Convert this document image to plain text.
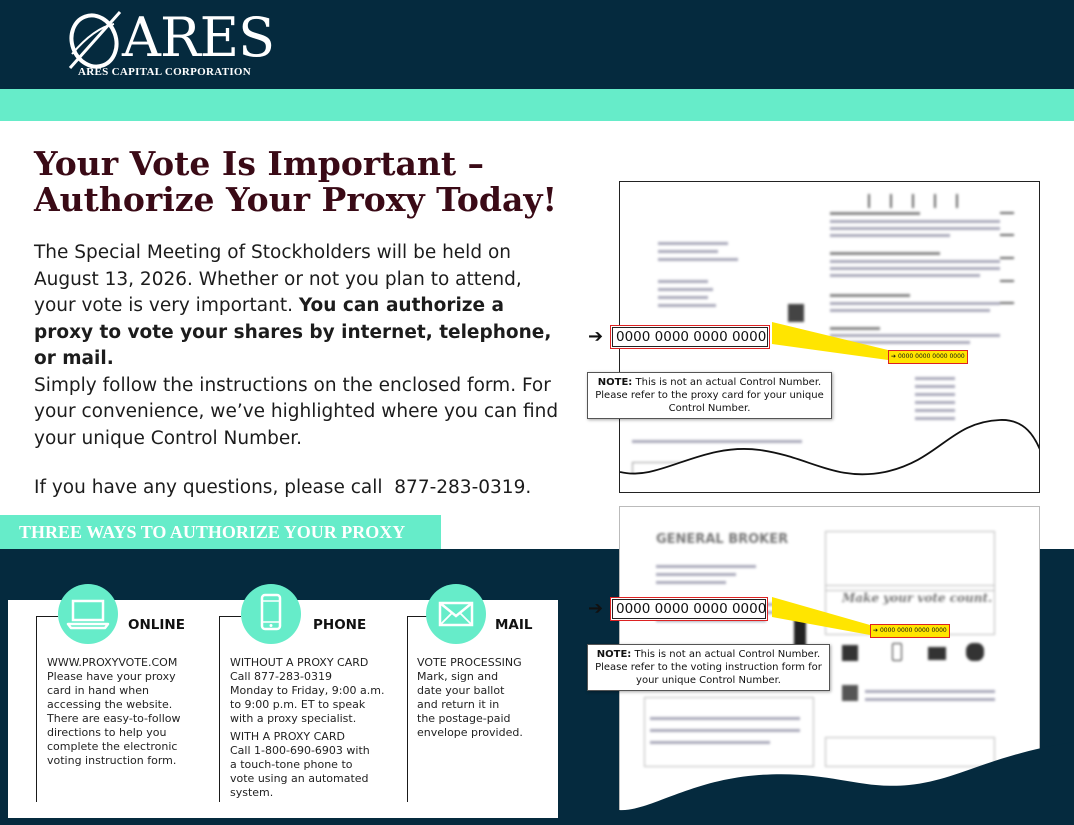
ARES
ARES CAPITAL CORPORATION
Your Vote Is Important – Authorize Your Proxy Today!
The Special Meeting of Stockholders will be held on August 13, 2026. Whether or not you plan to attend, your vote is very important. You can authorize a proxy to vote your shares by internet, telephone, or mail.
Simply follow the instructions on the enclosed form. For your convenience, we’ve highlighted where you can find your unique Control Number.
If you have any questions, please call 877-283-0319.
THREE WAYS TO AUTHORIZE YOUR PROXY
ONLINE
WWW.PROXYVOTE.COM
Please have your proxy
card in hand when
accessing the website.
There are easy-to-follow
directions to help you
complete the electronic
voting instruction form.
PHONE
WITHOUT A PROXY CARD
Call 877-283-0319
Monday to Friday, 9:00 a.m.
to 9:00 p.m. ET to speak
with a proxy specialist.
WITH A PROXY CARD
Call 1-800-690-6903 with
a touch-tone phone to
vote using an automated
system.
MAIL
VOTE PROCESSING
Mark, sign and
date your ballot
and return it in
the postage-paid
envelope provided.
➔ 0000 0000 0000 0000
➔ 0000 0000 0000 0000
NOTE: This is not an actual Control Number. Please refer to the proxy card for your unique Control Number.
GENERAL BROKER
Make your vote count.
➔ 0000 0000 0000 0000
➔ 0000 0000 0000 0000
NOTE: This is not an actual Control Number. Please refer to the voting instruction form for your unique Control Number.
